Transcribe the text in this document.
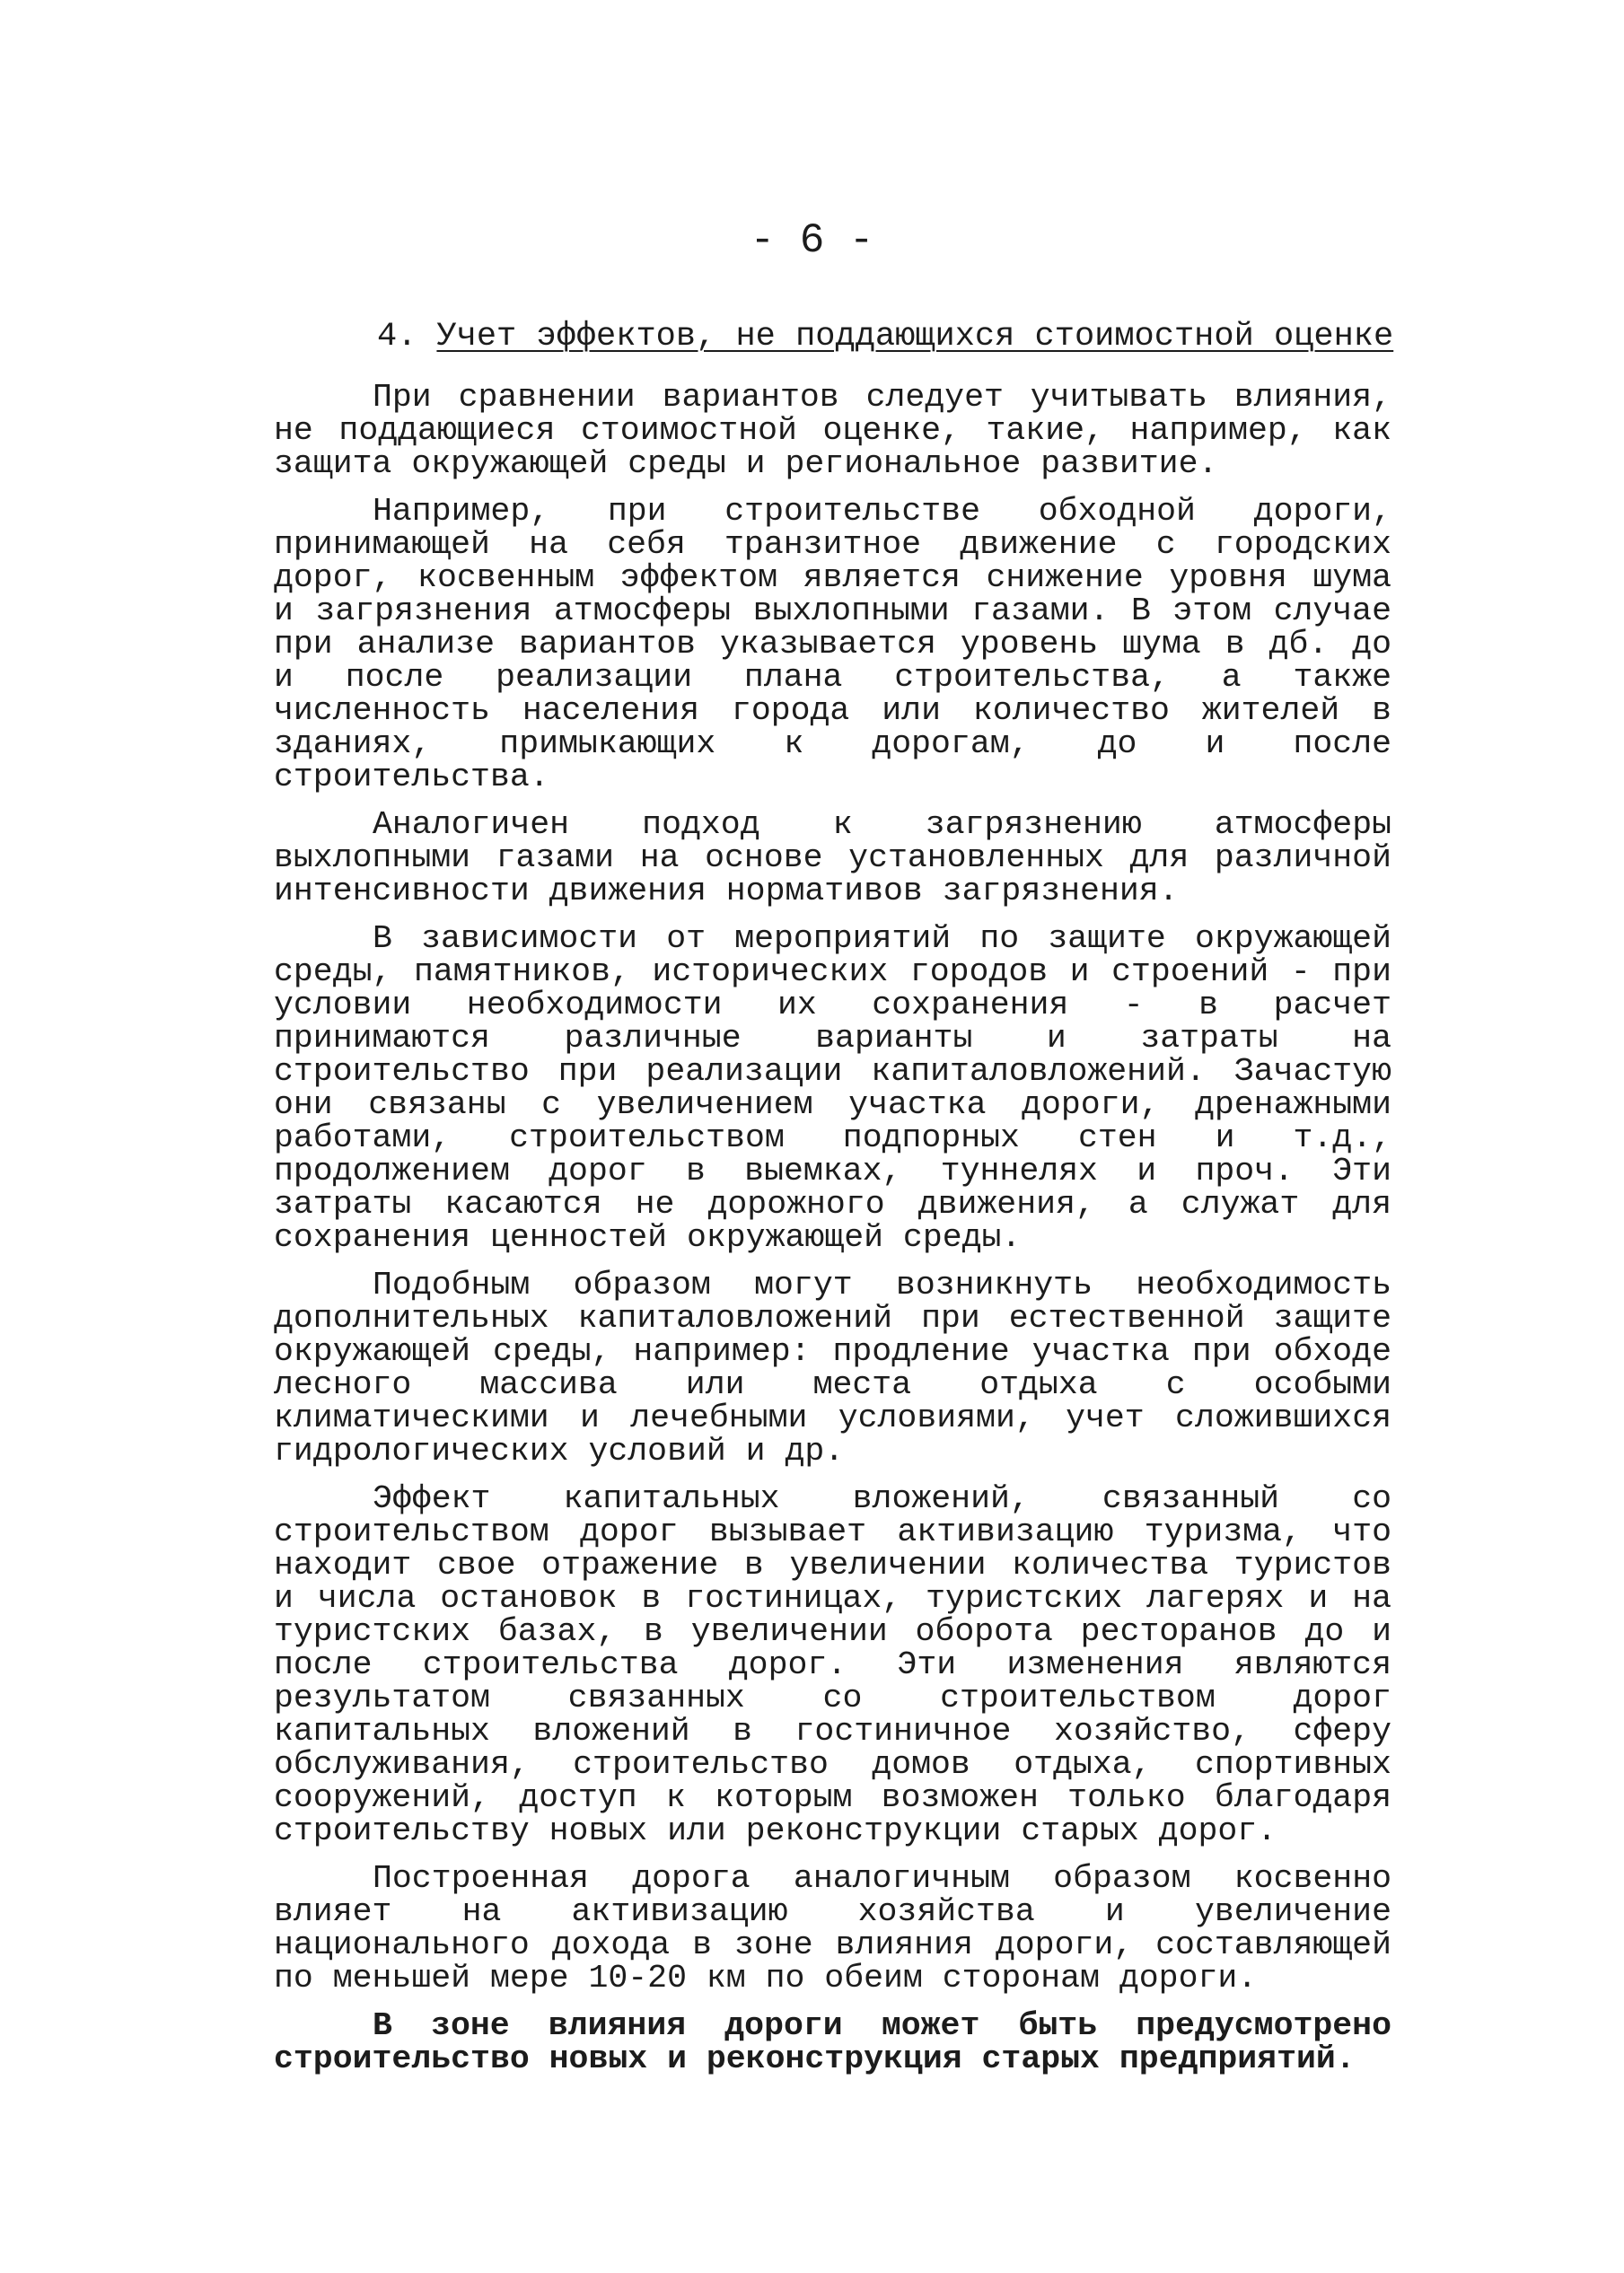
- 6 -
4. Учет эффектов, не поддающихся стоимостной оценке

При сравнении вариантов следует учитывать влияния, не поддающиеся стоимостной оценке, такие, например, как защита окружающей среды и региональное развитие.

Например, при строительстве обходной дороги, принимающей на себя транзитное движение с городских дорог, косвенным эффектом является снижение уровня шума и загрязнения атмосферы выхлопными газами. В этом случае при анализе вариантов указывается уровень шума в дб. до и после реализации плана строительства, а также численность населения города или количество жителей в зданиях, примыкающих к дорогам, до и после строительства.

Аналогичен подход к загрязнению атмосферы выхлопными газами на основе установленных для различной интенсивности движения нормативов загрязнения.

В зависимости от мероприятий по защите окружающей среды, памятников, исторических городов и строений - при условии необходимости их сохранения - в расчет принимаются различные варианты и затраты на строительство при реализации капиталовложений. Зачастую они связаны с увеличением участка дороги, дренажными работами, строительством подпорных стен и т.д., продолжением дорог в выемках, туннелях и проч. Эти затраты касаются не дорожного движения, а служат для сохранения ценностей окружающей среды.

Подобным образом могут возникнуть необходимость дополнительных капиталовложений при естественной защите окружающей среды, например: продление участка при обходе лесного массива или места отдыха с особыми климатическими и лечебными условиями, учет сложившихся гидрологических условий и др.

Эффект капитальных вложений, связанный со строительством дорог вызывает активизацию туризма, что находит свое отражение в увеличении количества туристов и числа остановок в гостиницах, туристских лагерях и на туристских базах, в увеличении оборота ресторанов до и после строительства дорог. Эти изменения являются результатом связанных со строительством дорог капитальных вложений в гостиничное хозяйство, сферу обслуживания, строительство домов отдыха, спортивных сооружений, доступ к которым возможен только благодаря строительству новых или реконструкции старых дорог.

Построенная дорога аналогичным образом косвенно влияет на активизацию хозяйства и увеличение национального дохода в зоне влияния дороги, составляющей по меньшей мере 10-20 км по обеим сторонам дороги.

В зоне влияния дороги может быть предусмотрено строительство новых и реконструкция старых предприятий.
